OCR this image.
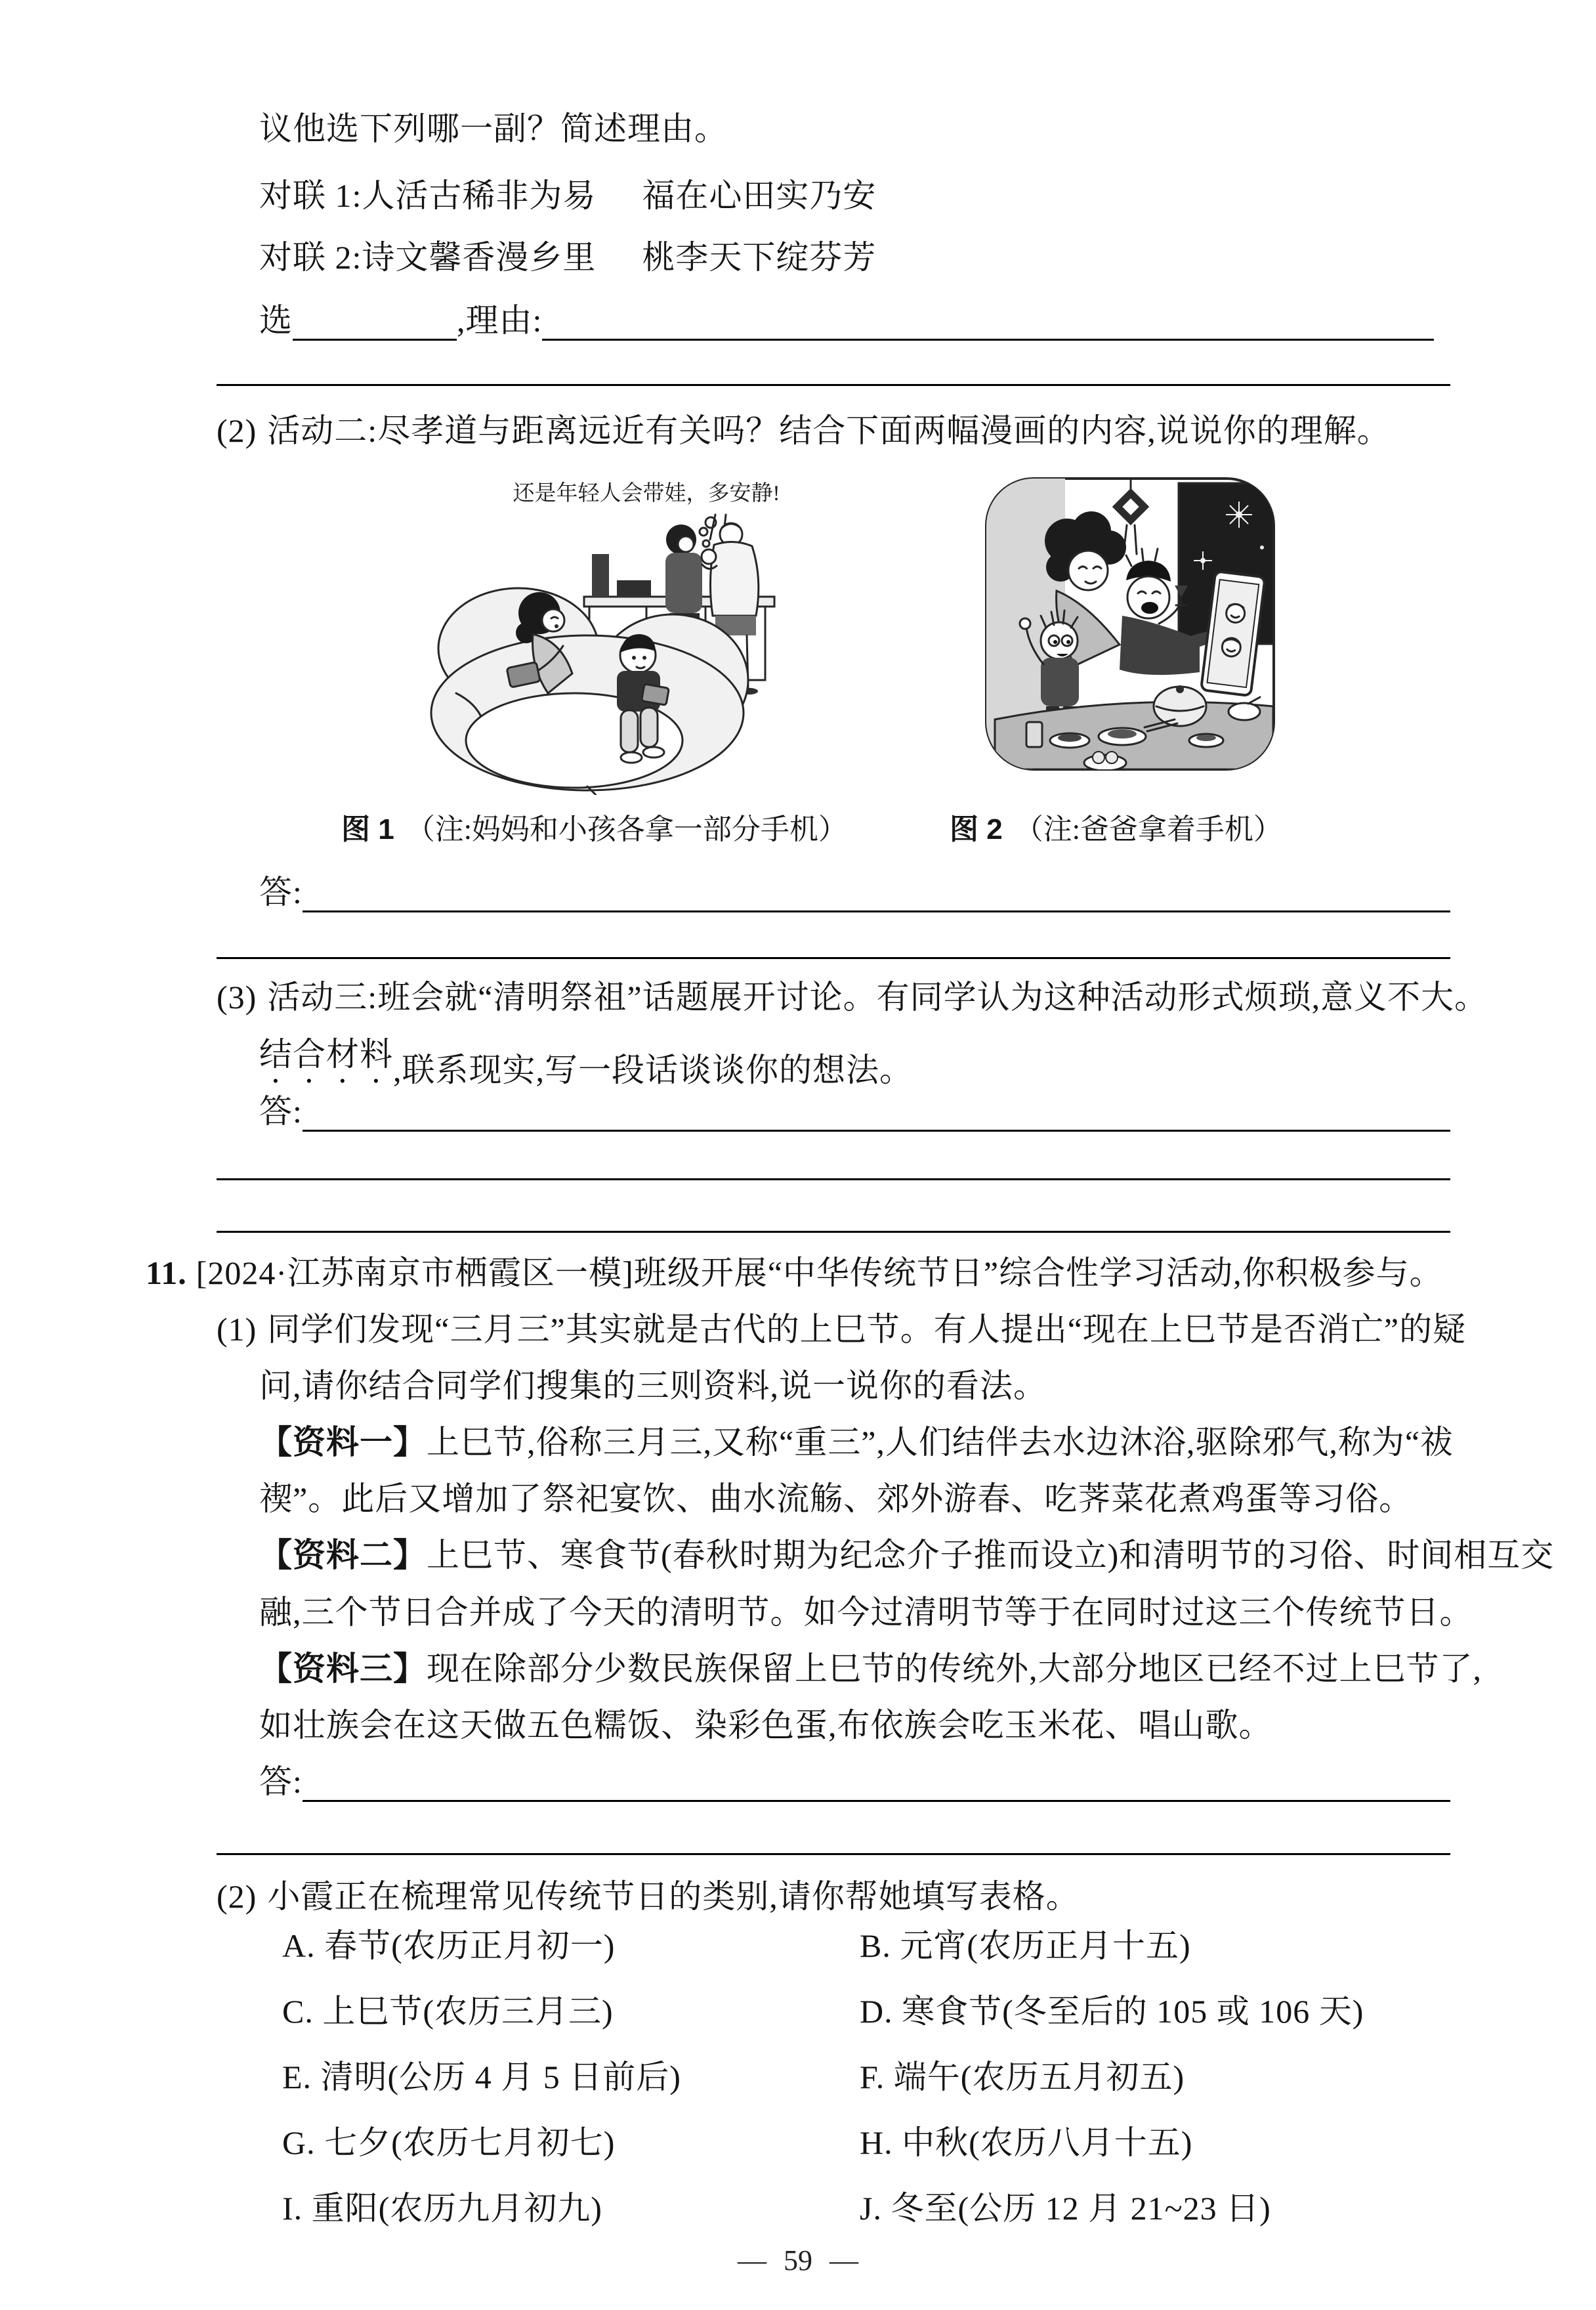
议他选下列哪一副？简述理由。
对联 1: 人活古稀非为易 福在心田实乃安
对联 2: 诗文馨香漫乡里 桃李天下绽芬芳
选	,理由:
(2) 活动二:尽孝道与距离远近有关吗？结合下面两幅漫画的内容,说说你的理解。
还是年轻人会带娃，多安静!
图 1 （注:妈妈和小孩各拿一部分手机）	图 2 （注:爸爸拿着手机）
答:
(3) 活动三:班会就“清明祭祖”话题展开讨论。有同学认为这种活动形式烦琐,意义不大。
结合材料 ,联系现实,写一段话谈谈你的想法。
答:
11. [2024·江苏南京市栖霞区一模] 班级开展“中华传统节日”综合性学习活动,你积极参与。
(1) 同学们发现“三月三”其实就是古代的上巳节。有人提出“现在上巳节是否消亡”的疑
问,请你结合同学们搜集的三则资料,说一说你的看法。
【资料一】 上巳节,俗称三月三,又称“重三”,人们结伴去水边沐浴,驱除邪气,称为“祓
禊”。此后又增加了祭祀宴饮、曲水流觞、郊外游春、吃荠菜花煮鸡蛋等习俗。
【资料二】 上巳节、寒食节(春秋时期为纪念介子推而设立)和清明节的习俗、时间相互交
融,三个节日合并成了今天的清明节。如今过清明节等于在同时过这三个传统节日。
【资料三】 现在除部分少数民族保留上巳节的传统外,大部分地区已经不过上巳节了,
如壮族会在这天做五色糯饭、染彩色蛋,布依族会吃玉米花、唱山歌。
答:
(2) 小霞正在梳理常见传统节日的类别,请你帮她填写表格。
A. 春节(农历正月初一)	B. 元宵(农历正月十五)
C. 上巳节(农历三月三)	D. 寒食节(冬至后的 105 或 106 天)
E. 清明(公历 4 月 5 日前后)	F. 端午(农历五月初五)
G. 七夕(农历七月初七)	H. 中秋(农历八月十五)
I. 重阳(农历九月初九)	J. 冬至(公历 12 月 21~23 日)
— 59 —
